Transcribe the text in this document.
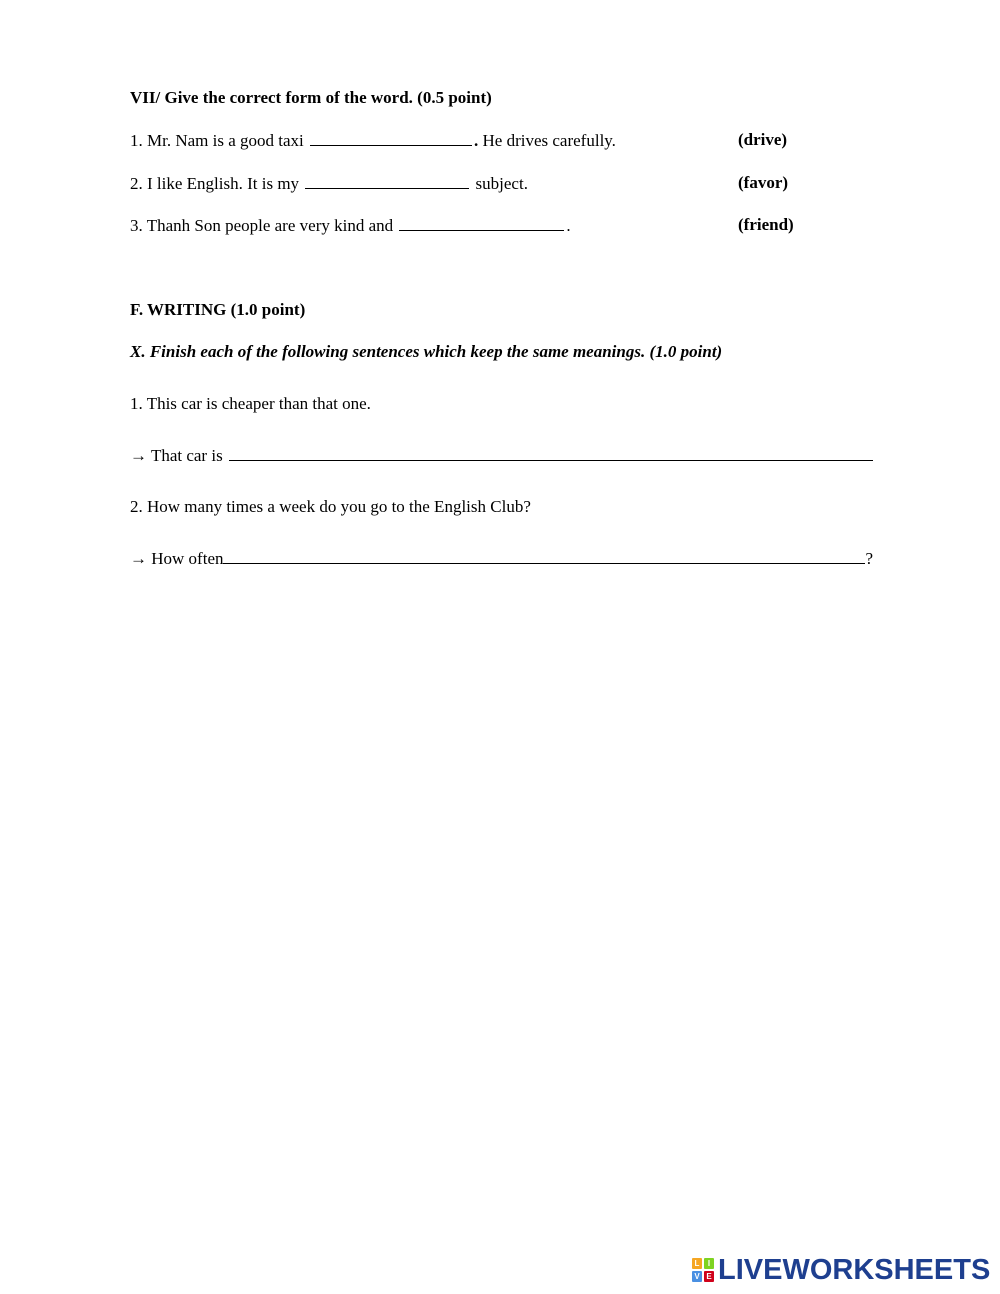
VII/ Give the correct form of the word. (0.5 point)
1. Mr. Nam is a good taxi	. He drives carefully.	(drive)
2. I like English. It is my	subject.	(favor)
3. Thanh Son people are very kind and	.	(friend)
F. WRITING (1.0 point)
X. Finish each of the following sentences which keep the same meanings. (1.0 point)
1. This car is cheaper than that one.
→ That car is
2. How many times a week do you go to the English Club?
→ How often	?
L	I
V E LIVEWORKSHEETS
